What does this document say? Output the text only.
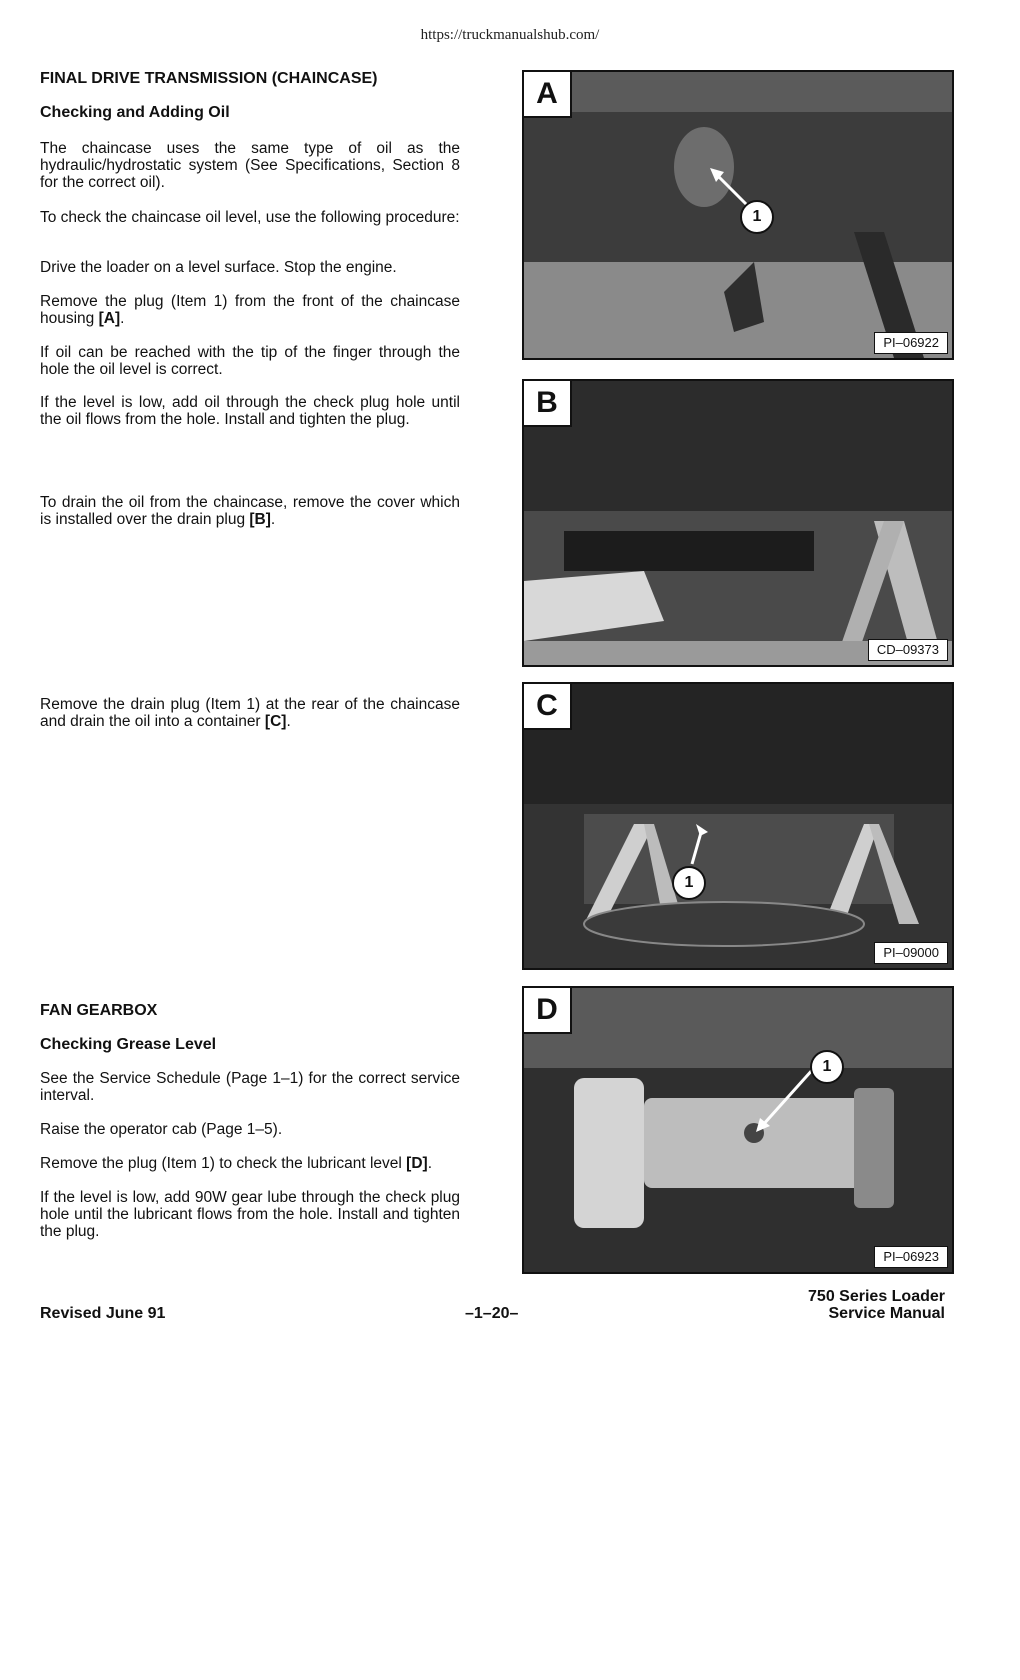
https://truckmanualshub.com/
FINAL DRIVE TRANSMISSION (CHAINCASE)
Checking and Adding Oil
The chaincase uses the same type of oil as the hydraulic/hydrostatic system (See Specifications, Section 8 for the correct oil).
To check the chaincase oil level, use the following procedure:
Drive the loader on a level surface. Stop the engine.
Remove the plug (Item 1) from the front of the chaincase housing [A].
If oil can be reached with the tip of the finger through the hole the oil level is correct.
If the level is low, add oil through the check plug hole until the oil flows from the hole. Install and tighten the plug.
To drain the oil from the chaincase, remove the cover which is installed over the drain plug [B].
Remove the drain plug (Item 1) at the rear of the chaincase and drain the oil into a container [C].
FAN GEARBOX
Checking Grease Level
See the Service Schedule (Page 1–1) for the correct service interval.
Raise the operator cab (Page 1–5).
Remove the plug (Item 1) to check the lubricant level [D].
If the level is low, add 90W gear lube through the check plug hole until the lubricant flows from the hole. Install and tighten the plug.
A
1
PI–06922
B
CD–09373
C
1
PI–09000
D
1
PI–06923
Revised June 91	–1–20–
750 Series Loader
Service Manual
